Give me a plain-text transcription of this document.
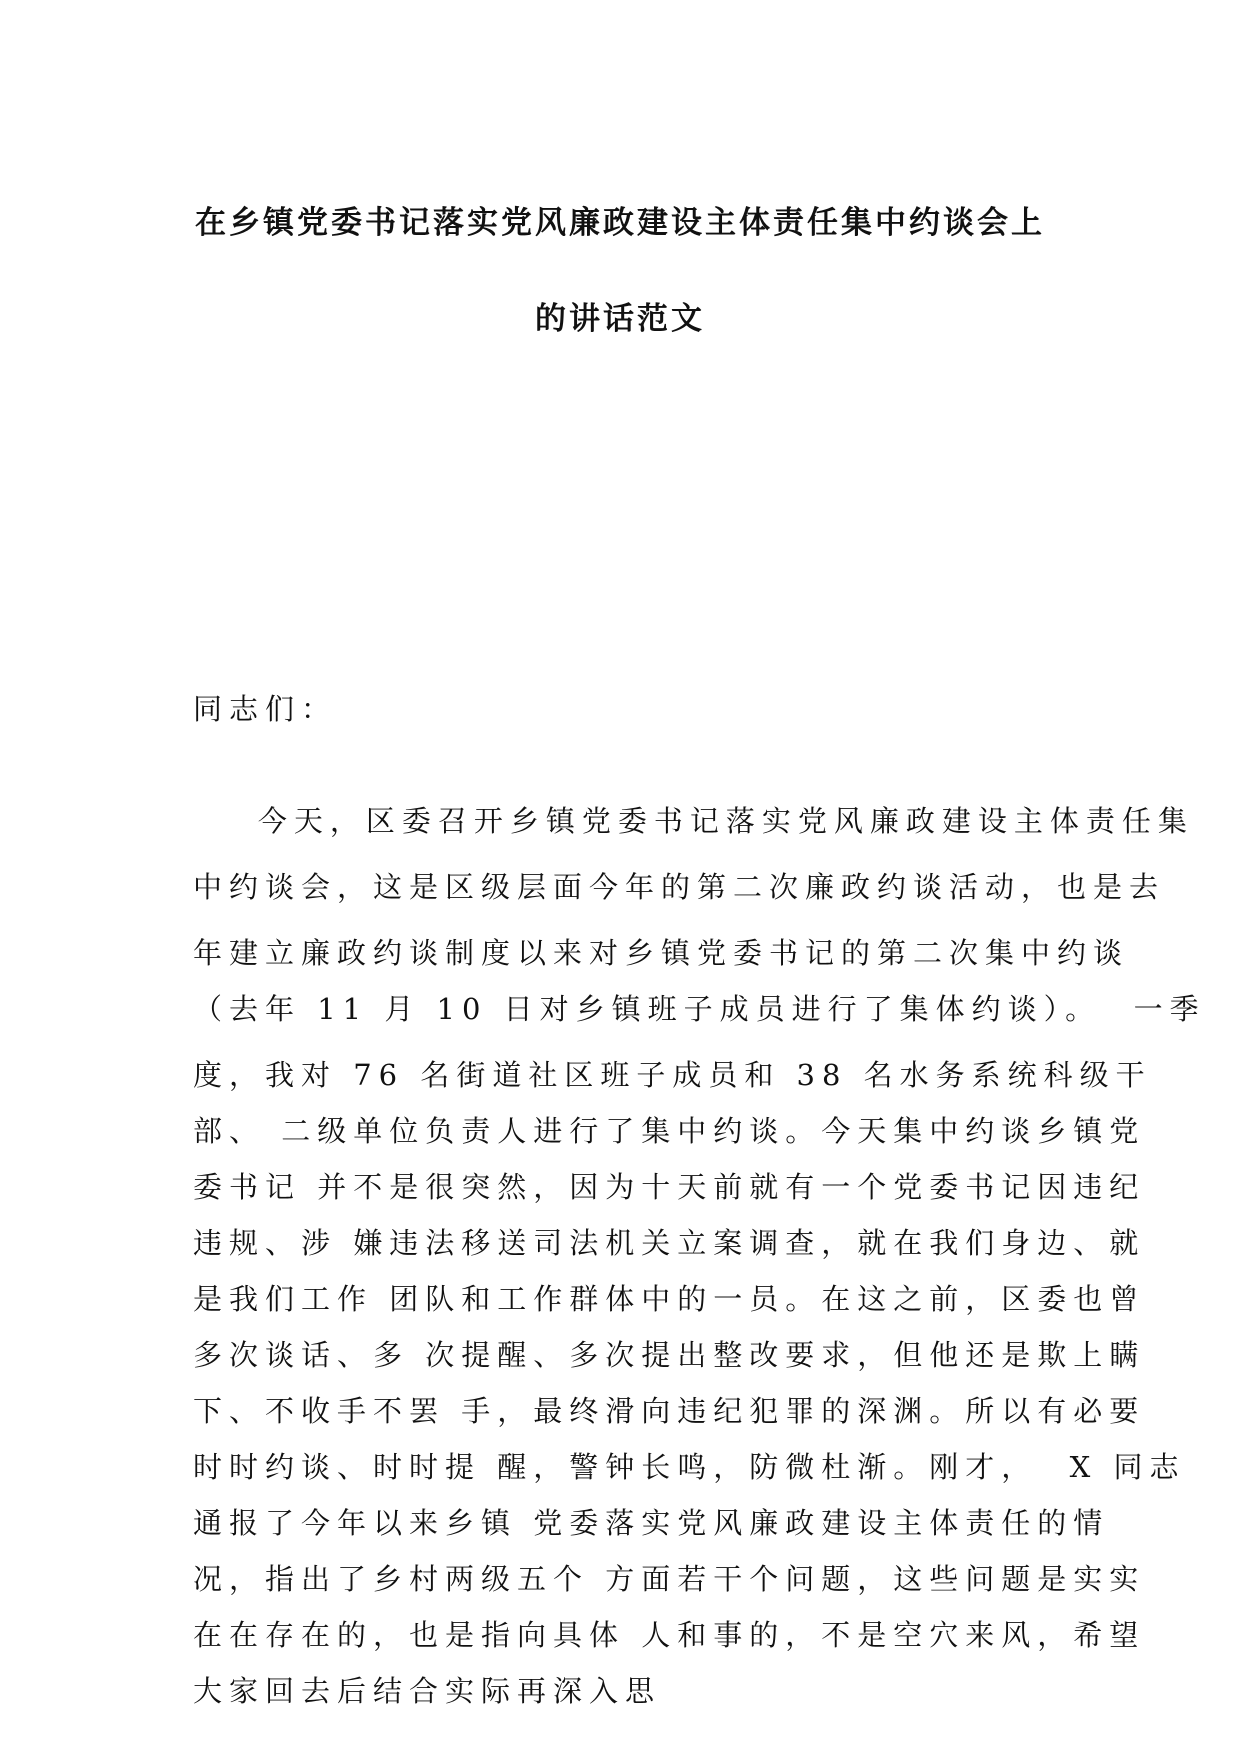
在乡镇党委书记落实党风廉政建设主体责任集中约谈会上
的讲话范文
同志们：
今天，区委召开乡镇党委书记落实党风廉政建设主体责任集
中约谈会，这是区级层面今年的第二次廉政约谈活动，也是去
年建立廉政约谈制度以来对乡镇党委书记的第二次集中约谈
（去年 11 月 10 日对乡镇班子成员进行了集体约谈）。  一季
度，我对 76 名街道社区班子成员和 38 名水务系统科级干
部、 二级单位负责人进行了集中约谈。今天集中约谈乡镇党
委书记 并不是很突然，因为十天前就有一个党委书记因违纪
违规、涉 嫌违法移送司法机关立案调查，就在我们身边、就
是我们工作 团队和工作群体中的一员。在这之前，区委也曾
多次谈话、多 次提醒、多次提出整改要求，但他还是欺上瞒
下、不收手不罢 手，最终滑向违纪犯罪的深渊。所以有必要
时时约谈、时时提 醒，警钟长鸣，防微杜渐。刚才，  X 同志
通报了今年以来乡镇 党委落实党风廉政建设主体责任的情
况，指出了乡村两级五个 方面若干个问题，这些问题是实实
在在存在的，也是指向具体 人和事的，不是空穴来风，希望
大家回去后结合实际再深入思
